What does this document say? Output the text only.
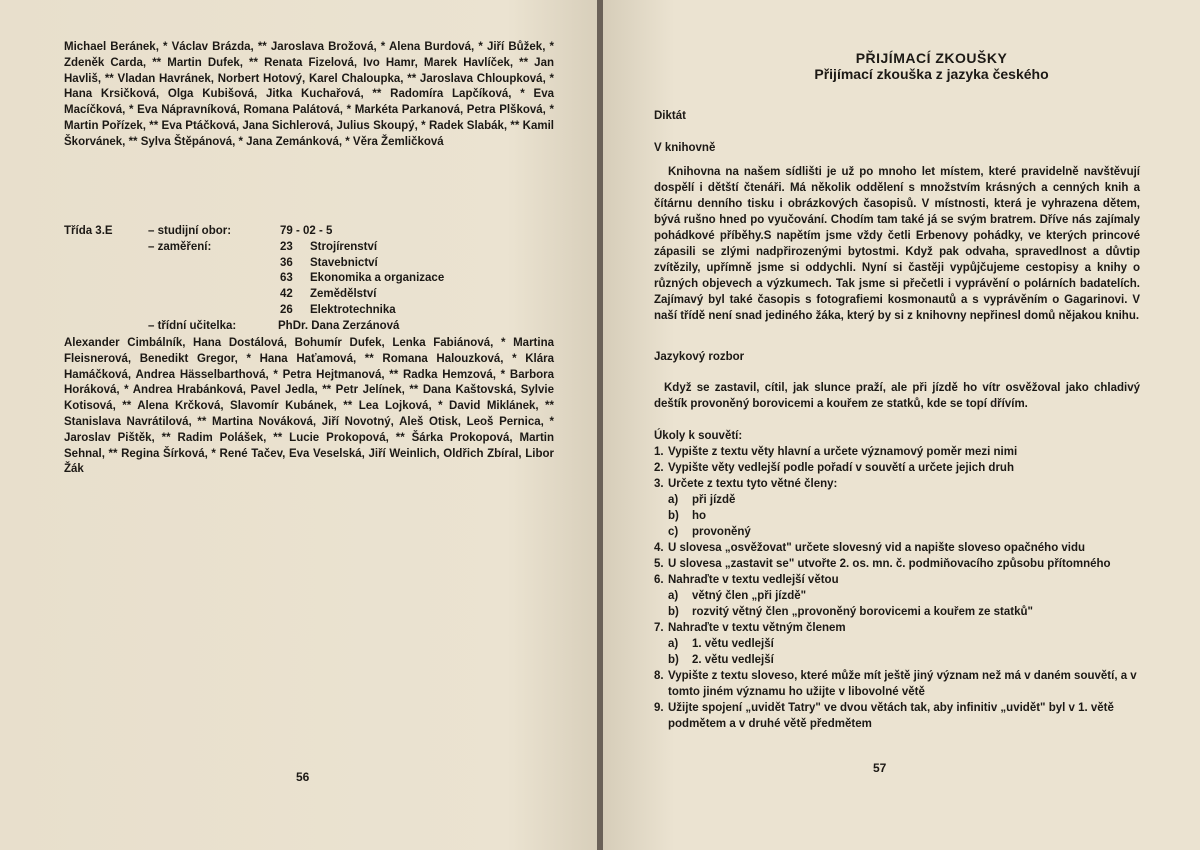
Michael Beránek, * Václav Brázda, ** Jaroslava Brožová, * Alena Burdová, * Jiří Bůžek, * Zdeněk Carda, ** Martin Dufek, ** Renata Fizelová, Ivo Hamr, Marek Havlíček, ** Jan Havliš, ** Vladan Havránek, Norbert Hotový, Karel Chaloupka, ** Jaroslava Chloupková, * Hana Krsičková, Olga Kubišová, Jitka Kuchařová, ** Radomíra Lapčíková, * Eva Macíčková, * Eva Nápravníková, Romana Palátová, * Markéta Parkanová, Petra Plšková, * Martin Pořízek, ** Eva Ptáčková, Jana Sichlerová, Julius Skoupý, * Radek Slabák, ** Kamil Škorvánek, ** Sylva Štěpánová, * Jana Zemánková, * Věra Žemličková

Třída 3.E	– studijní obor:	79 - 02 - 5
– zaměření:	23	Strojírenství
36	Stavebnictví
63	Ekonomika a organizace
42	Zemědělství
26	Elektrotechnika
– třídní učitelka:	PhDr. Dana Zerzánová

Alexander Cimbálník, Hana Dostálová, Bohumír Dufek, Lenka Fabiánová, * Martina Fleisnerová, Benedikt Gregor, * Hana Haťamová, ** Romana Halouzková, * Klára Hamáčková, Andrea Hässelbarthová, * Petra Hejtmanová, ** Radka Hemzová, * Barbora Horáková, * Andrea Hrabánková, Pavel Jedla, ** Petr Jelínek, ** Dana Kaštovská, Sylvie Kotisová, ** Alena Krčková, Slavomír Kubánek, ** Lea Lojková, * David Miklánek, ** Stanislava Navrátilová, ** Martina Nováková, Jiří Novotný, Aleš Otisk, Leoš Pernica, * Jaroslav Pištěk, ** Radim Polášek, ** Lucie Prokopová, ** Šárka Prokopová, Martin Sehnal, ** Regina Šírková, * René Tačev, Eva Veselská, Jiří Weinlich, Oldřich Zbíral, Libor Žák

56
57
PŘIJÍMACÍ ZKOUŠKY
Přijímací zkouška z jazyka českého
Diktát
V knihovně

Knihovna na našem sídlišti je už po mnoho let místem, které pravidelně navštěvují dospělí i dětští čtenáři. Má několik oddělení s množstvím krásných a cenných knih a čítárnu denního tisku i obrázkových časopisů. V místnosti, která je vyhrazena dětem, bývá rušno hned po vyučování. Chodím tam také já se svým bratrem. Dříve nás zajímaly pohádkové příběhy.S napětím jsme vždy četli Erbenovy pohádky, ve kterých princové zápasili se zlými nadpřirozenými bytostmi. Když pak odvaha, spravedlnost a důvtip zvítězily, upřímně jsme si oddychli. Nyní si častěji vypůjčujeme cestopisy a knihy o různých objevech a výzkumech. Tak jsme si přečetli i vyprávění o polárních badatelích. Zajímavý byl také časopis s fotografiemi kosmonautů a s vyprávěním o Gagarinovi. V naší třídě není snad jediného žáka, který by si z knihovny nepřinesl domů nějakou knihu.

Jazykový rozbor

Když se zastavil, cítil, jak slunce praží, ale při jízdě ho vítr osvěžoval jako chladivý deštík provoněný borovicemi a kouřem ze statků, kde se topí dřívím.

Úkoly k souvětí:
1. Vypište z textu věty hlavní a určete významový poměr mezi nimi
2. Vypište věty vedlejší podle pořadí v souvětí a určete jejich druh
3. Určete z textu tyto větné členy:
a)	při jízdě
b)	ho
c)	provoněný
4. U slovesa „osvěžovat" určete slovesný vid a napište sloveso opačného vidu
5. U slovesa „zastavit se" utvořte 2. os. mn. č. podmiňovacího způsobu přítomného
6. Nahraďte v textu vedlejší větou
a)	větný člen „při jízdě"
b)	rozvitý větný člen „provoněný borovicemi a kouřem ze statků"
7. Nahraďte v textu větným členem
a)	1. větu vedlejší
b)	2. větu vedlejší
8. Vypište z textu sloveso, které může mít ještě jiný význam než má v daném souvětí, a v tomto jiném významu ho užijte v libovolné větě
9. Užijte spojení „uvidět Tatry" ve dvou větách tak, aby infinitiv „uvidět" byl v 1. větě podmětem a v druhé větě předmětem
